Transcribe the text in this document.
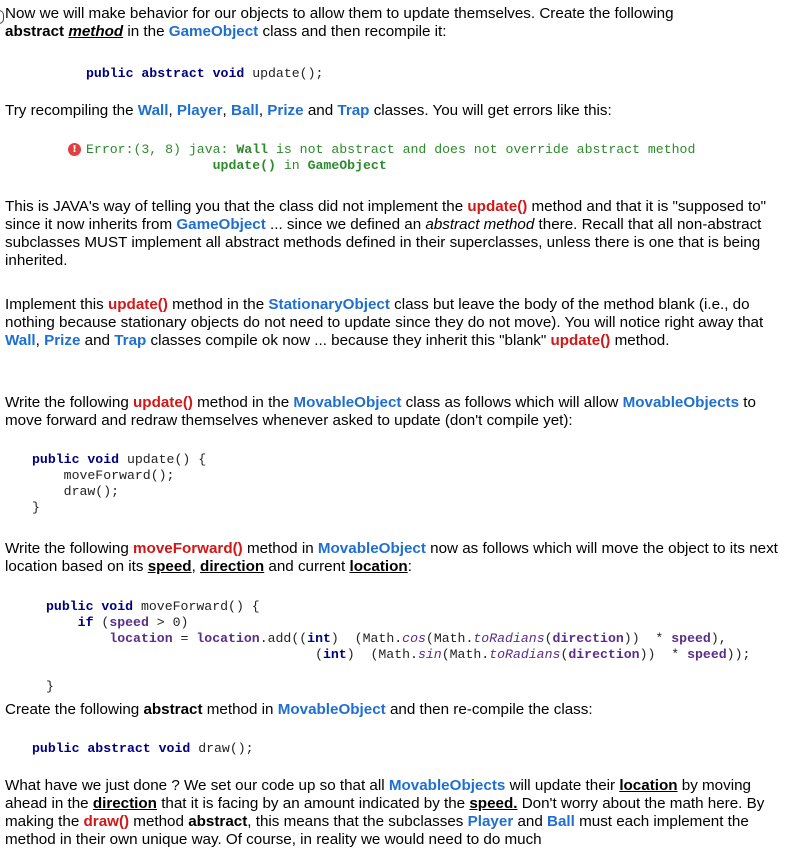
Now we will make behavior for our objects to allow them to update themselves. Create the following
abstract method in the GameObject class and then recompile it:

public abstract void update();

Try recompiling the Wall, Player, Ball, Prize and Trap classes. You will get errors like this:

! Error:(3, 8) java: Wall is not abstract and does not override abstract method
update() in GameObject

This is JAVA's way of telling you that the class did not implement the update() method and that it is "supposed to" since it now inherits from GameObject ... since we defined an abstract method there. Recall that all non-abstract subclasses MUST implement all abstract methods defined in their superclasses, unless there is one that is being inherited.

Implement this update() method in the StationaryObject class but leave the body of the method blank (i.e., do nothing because stationary objects do not need to update since they do not move). You will notice right away that Wall, Prize and Trap classes compile ok now ... because they inherit this "blank" update() method.

Write the following update() method in the MovableObject class as follows which will allow MovableObjects to move forward and redraw themselves whenever asked to update (don't compile yet):

public void update() {
moveForward();
draw();
}

Write the following moveForward() method in MovableObject now as follows which will move the object to its next location based on its speed, direction and current location:

public void moveForward() {
if (speed > 0)
location = location.add((int)  (Math.cos(Math.toRadians(direction))  * speed),
(int)  (Math.sin(Math.toRadians(direction))  * speed));

}

Create the following abstract method in MovableObject and then re-compile the class:

public abstract void draw();

What have we just done ? We set our code up so that all MovableObjects will update their location by moving ahead in the direction that it is facing by an amount indicated by the speed. Don't worry about the math here. By making the draw() method abstract, this means that the subclasses Player and Ball must each implement the method in their own unique way. Of course, in reality we would need to do much
